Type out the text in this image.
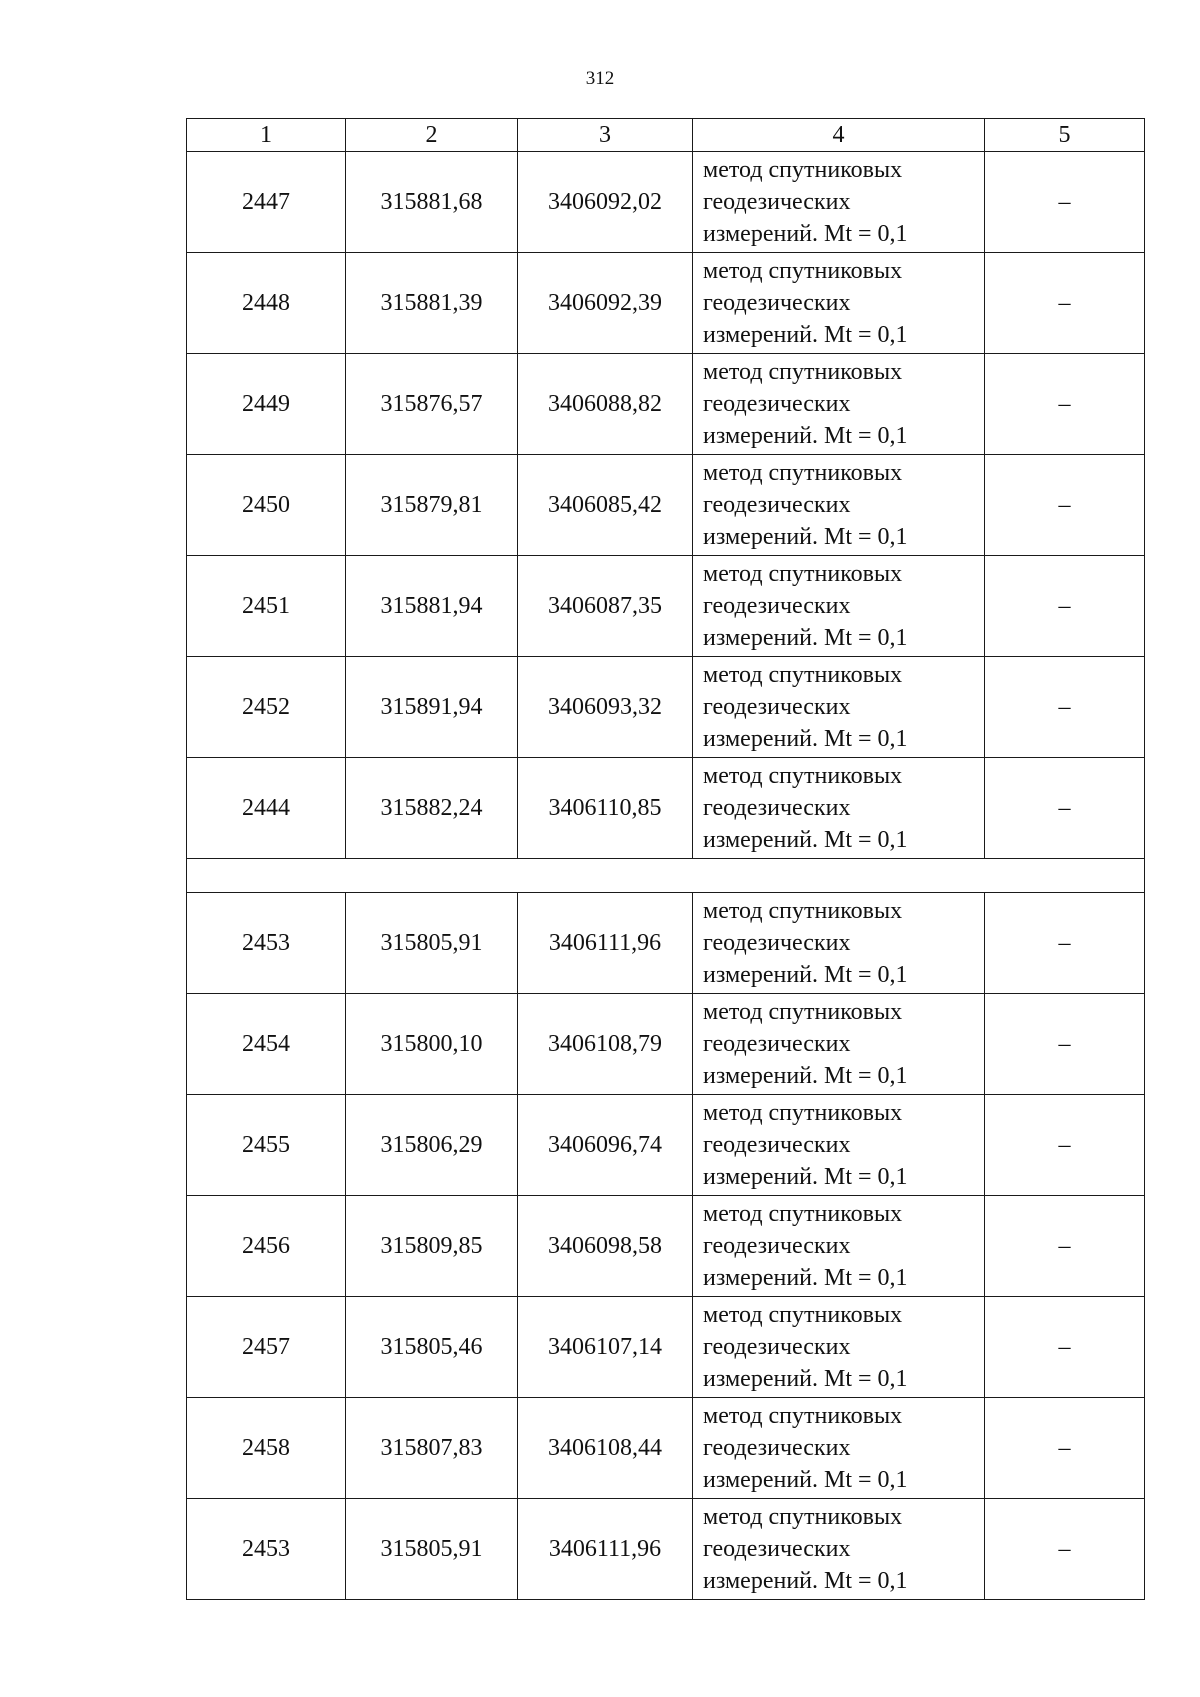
312
1	2	3	4	5
2447	315881,68	3406092,02	метод спутниковых
геодезических
измерений. Mt = 0,1	–
2448	315881,39	3406092,39	метод спутниковых
геодезических
измерений. Mt = 0,1	–
2449	315876,57	3406088,82	метод спутниковых
геодезических
измерений. Mt = 0,1	–
2450	315879,81	3406085,42	метод спутниковых
геодезических
измерений. Mt = 0,1	–
2451	315881,94	3406087,35	метод спутниковых
геодезических
измерений. Mt = 0,1	–
2452	315891,94	3406093,32	метод спутниковых
геодезических
измерений. Mt = 0,1	–
2444	315882,24	3406110,85	метод спутниковых
геодезических
измерений. Mt = 0,1	–

2453	315805,91	3406111,96	метод спутниковых
геодезических
измерений. Mt = 0,1	–
2454	315800,10	3406108,79	метод спутниковых
геодезических
измерений. Mt = 0,1	–
2455	315806,29	3406096,74	метод спутниковых
геодезических
измерений. Mt = 0,1	–
2456	315809,85	3406098,58	метод спутниковых
геодезических
измерений. Mt = 0,1	–
2457	315805,46	3406107,14	метод спутниковых
геодезических
измерений. Mt = 0,1	–
2458	315807,83	3406108,44	метод спутниковых
геодезических
измерений. Mt = 0,1	–
2453	315805,91	3406111,96	метод спутниковых
геодезических
измерений. Mt = 0,1	–
